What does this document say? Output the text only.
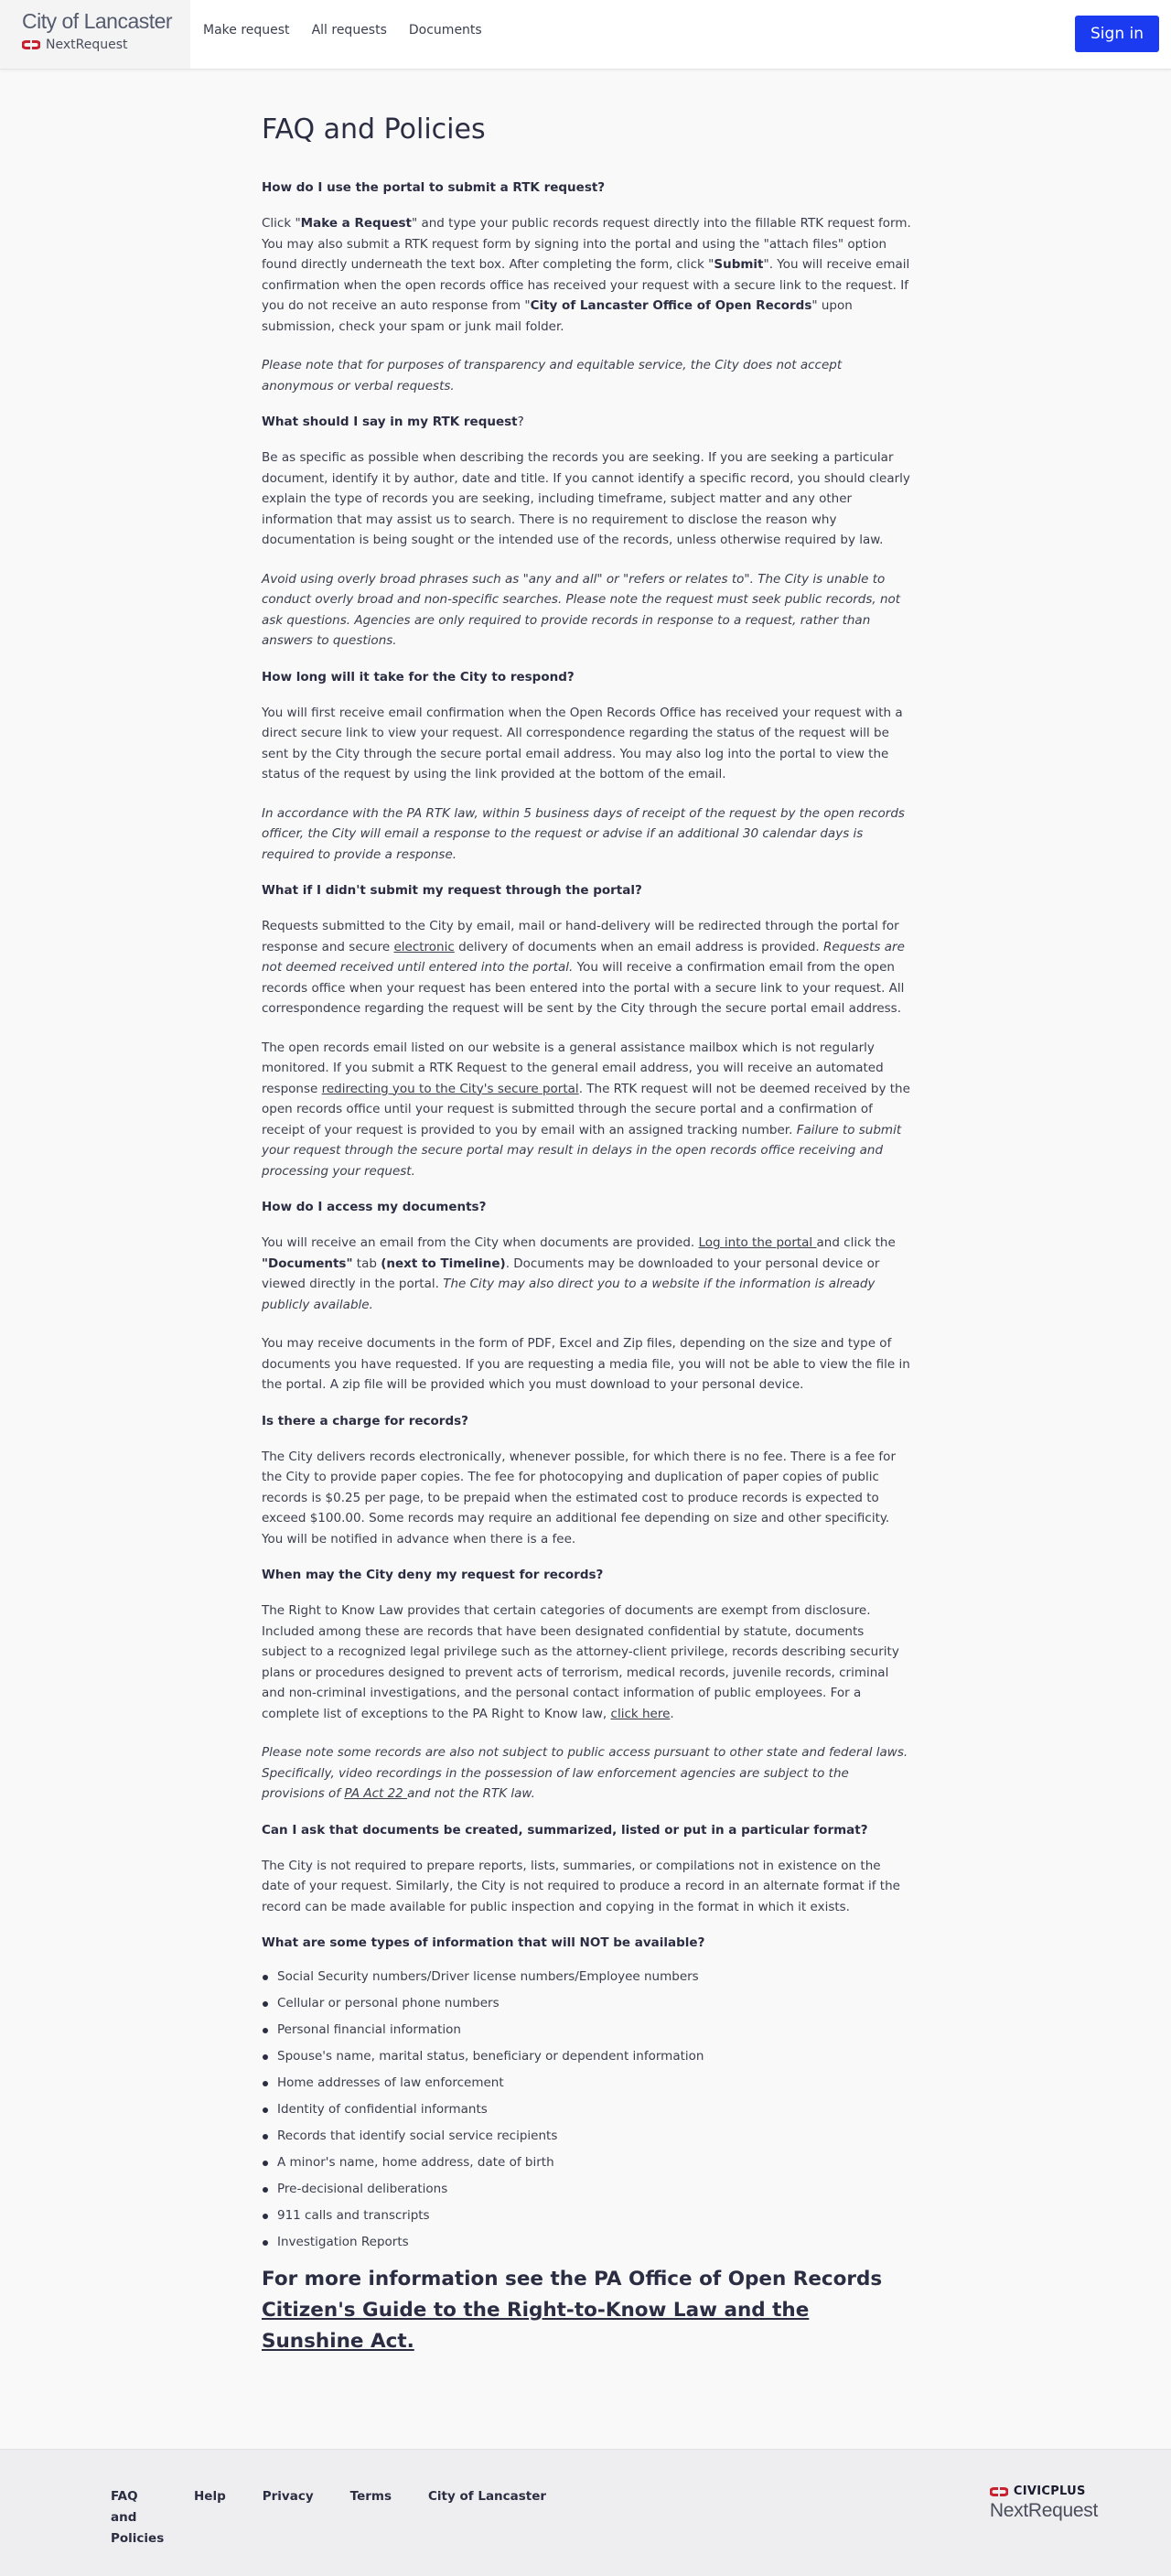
City of Lancaster
NextRequest
Make request All requests Documents	Sign in
FAQ and Policies
How do I use the portal to submit a RTK request?

Click "Make a Request" and type your public records request directly into the fillable RTK request form. You may also submit a RTK request form by signing into the portal and using the "attach files" option found directly underneath the text box. After completing the form, click "Submit". You will receive email confirmation when the open records office has received your request with a secure link to the request. If you do not receive an auto response from "City of Lancaster Office of Open Records" upon submission, check your spam or junk mail folder.

Please note that for purposes of transparency and equitable service, the City does not accept anonymous or verbal requests.

What should I say in my RTK request?

Be as specific as possible when describing the records you are seeking. If you are seeking a particular document, identify it by author, date and title. If you cannot identify a specific record, you should clearly explain the type of records you are seeking, including timeframe, subject matter and any other information that may assist us to search. There is no requirement to disclose the reason why documentation is being sought or the intended use of the records, unless otherwise required by law.

Avoid using overly broad phrases such as "any and all" or "refers or relates to". The City is unable to conduct overly broad and non-specific searches. Please note the request must seek public records, not ask questions. Agencies are only required to provide records in response to a request, rather than answers to questions.

How long will it take for the City to respond?

You will first receive email confirmation when the Open Records Office has received your request with a direct secure link to view your request. All correspondence regarding the status of the request will be sent by the City through the secure portal email address. You may also log into the portal to view the status of the request by using the link provided at the bottom of the email.

In accordance with the PA RTK law, within 5 business days of receipt of the request by the open records officer, the City will email a response to the request or advise if an additional 30 calendar days is required to provide a response.

What if I didn't submit my request through the portal?

Requests submitted to the City by email, mail or hand-delivery will be redirected through the portal for response and secure electronic delivery of documents when an email address is provided. Requests are not deemed received until entered into the portal. You will receive a confirmation email from the open records office when your request has been entered into the portal with a secure link to your request. All correspondence regarding the request will be sent by the City through the secure portal email address.

The open records email listed on our website is a general assistance mailbox which is not regularly monitored. If you submit a RTK Request to the general email address, you will receive an automated response redirecting you to the City's secure portal. The RTK request will not be deemed received by the open records office until your request is submitted through the secure portal and a confirmation of receipt of your request is provided to you by email with an assigned tracking number. Failure to submit your request through the secure portal may result in delays in the open records office receiving and processing your request.

How do I access my documents?

You will receive an email from the City when documents are provided. Log into the portal and click the "Documents" tab (next to Timeline). Documents may be downloaded to your personal device or viewed directly in the portal. The City may also direct you to a website if the information is already publicly available.

You may receive documents in the form of PDF, Excel and Zip files, depending on the size and type of documents you have requested. If you are requesting a media file, you will not be able to view the file in the portal. A zip file will be provided which you must download to your personal device.

Is there a charge for records?

The City delivers records electronically, whenever possible, for which there is no fee. There is a fee for the City to provide paper copies. The fee for photocopying and duplication of paper copies of public records is $0.25 per page, to be prepaid when the estimated cost to produce records is expected to exceed $100.00. Some records may require an additional fee depending on size and other specificity. You will be notified in advance when there is a fee.

When may the City deny my request for records?

The Right to Know Law provides that certain categories of documents are exempt from disclosure. Included among these are records that have been designated confidential by statute, documents subject to a recognized legal privilege such as the attorney-client privilege, records describing security plans or procedures designed to prevent acts of terrorism, medical records, juvenile records, criminal and non-criminal investigations, and the personal contact information of public employees. For a complete list of exceptions to the PA Right to Know law, click here.

Please note some records are also not subject to public access pursuant to other state and federal laws. Specifically, video recordings in the possession of law enforcement agencies are subject to the provisions of PA Act 22 and not the RTK law.

Can I ask that documents be created, summarized, listed or put in a particular format?

The City is not required to prepare reports, lists, summaries, or compilations not in existence on the date of your request. Similarly, the City is not required to produce a record in an alternate format if the record can be made available for public inspection and copying in the format in which it exists.

What are some types of information that will NOT be available?
Social Security numbers/Driver license numbers/Employee numbers
Cellular or personal phone numbers
Personal financial information
Spouse's name, marital status, beneficiary or dependent information
Home addresses of law enforcement
Identity of confidential informants
Records that identify social service recipients
A minor's name, home address, date of birth
Pre-decisional deliberations
911 calls and transcripts
Investigation Reports

For more information see the PA Office of Open Records Citizen's Guide to the Right-to-Know Law and the Sunshine Act.

FAQ and Policies
Help	Privacy	Terms	City of Lancaster	CIVICPLUS
NextRequest
